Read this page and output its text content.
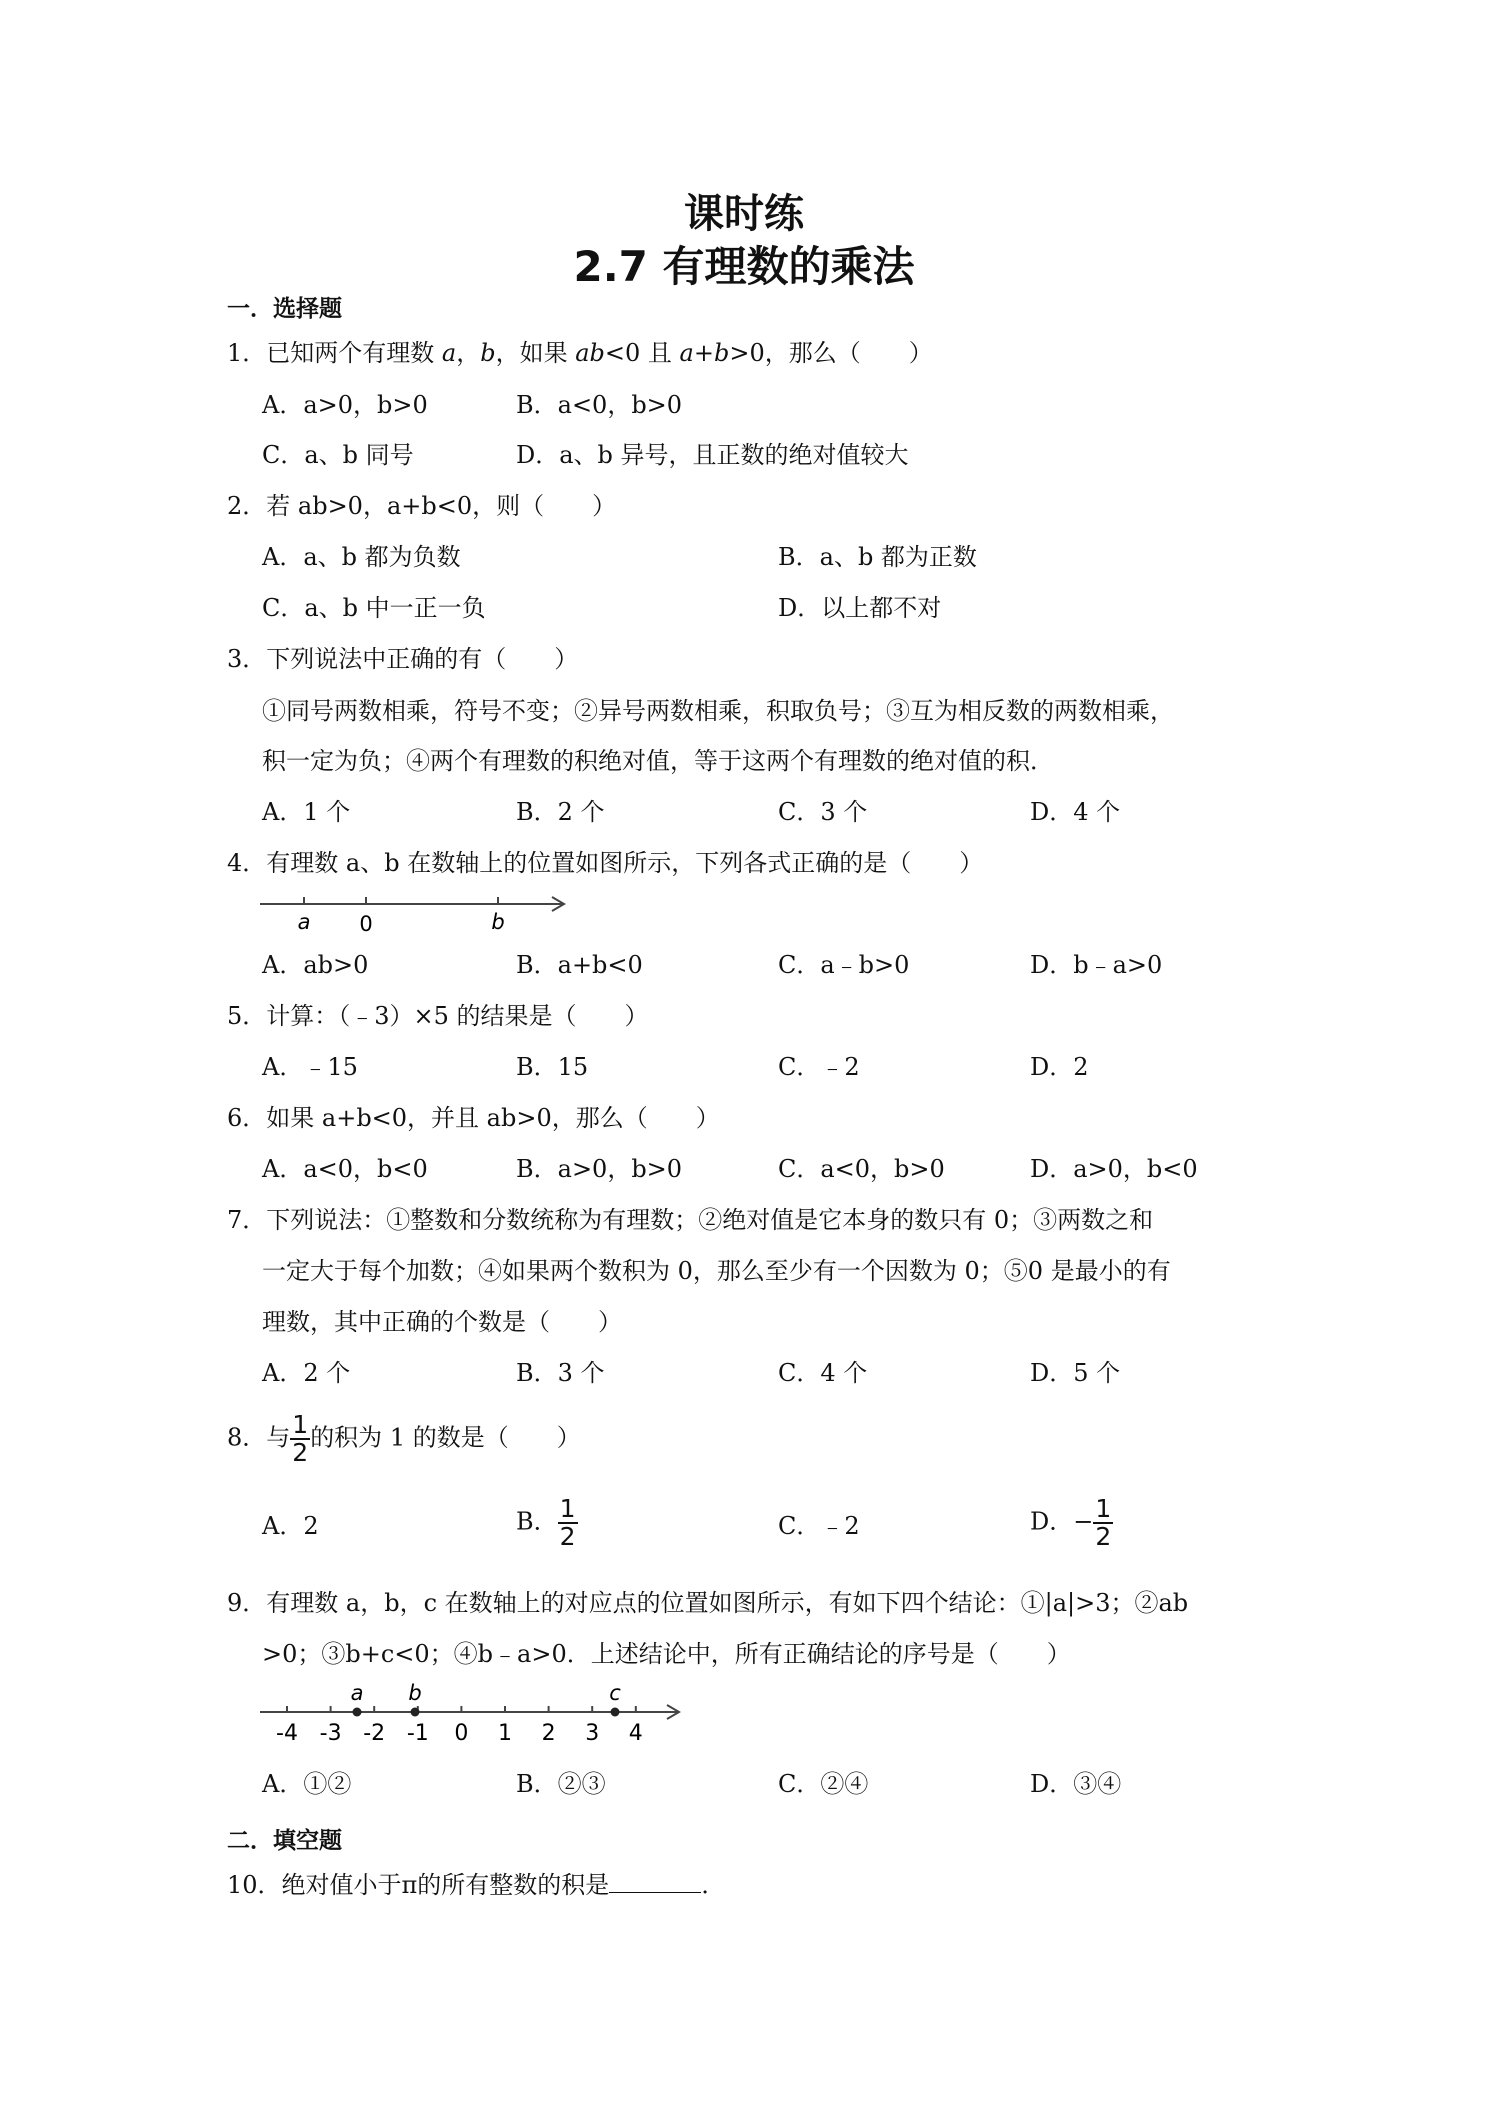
课时练
2.7 有理数的乘法
一．选择题
1．已知两个有理数 a，b，如果 ab<0 且 a+b>0，那么（　　）
A．a>0，b>0	B．a<0，b>0
C．a、b 同号	D．a、b 异号，且正数的绝对值较大
2．若 ab>0，a+b<0，则（　　）
A．a、b 都为负数	B．a、b 都为正数
C．a、b 中一正一负	D．以上都不对
3．下列说法中正确的有（　　）
①同号两数相乘，符号不变；②异号两数相乘，积取负号；③互为相反数的两数相乘，
积一定为负；④两个有理数的积绝对值，等于这两个有理数的绝对值的积．
A．1 个	B．2 个	C．3 个	D．4 个
4．有理数 a、b 在数轴上的位置如图所示，下列各式正确的是（　　）
a 0	b
A．ab>0	B．a+b<0	C．a﹣b>0	D．b﹣a>0
5．计算：（﹣3）×5 的结果是（　　）
A．﹣15	B．15	C．﹣2	D．2
6．如果 a+b<0，并且 ab>0，那么（　　）
A．a<0，b<0	B．a>0，b>0	C．a<0，b>0	D．a>0，b<0
7．下列说法：①整数和分数统称为有理数；②绝对值是它本身的数只有 0；③两数之和
一定大于每个加数；④如果两个数积为 0，那么至少有一个因数为 0；⑤0 是最小的有
理数，其中正确的个数是（　　）
A．2 个	B．3 个	C．4 个	D．5 个
8．与 $\frac{1}{2}$ 的积为 1 的数是（　　）
A．2	B． $\frac{1}{2}$	C．﹣2	D．− $\frac{1}{2}$
9．有理数 a，b，c 在数轴上的对应点的位置如图所示，有如下四个结论：①|a|>3；②ab
>0；③b+c<0；④b﹣a>0．上述结论中，所有正确结论的序号是（　　）
-4 -3 -2 -1 0 1 2 3 4
a b	c
A．①②	B．②③	C．②④	D．③④
二．填空题
10．绝对值小于π的所有整数的积是	．
